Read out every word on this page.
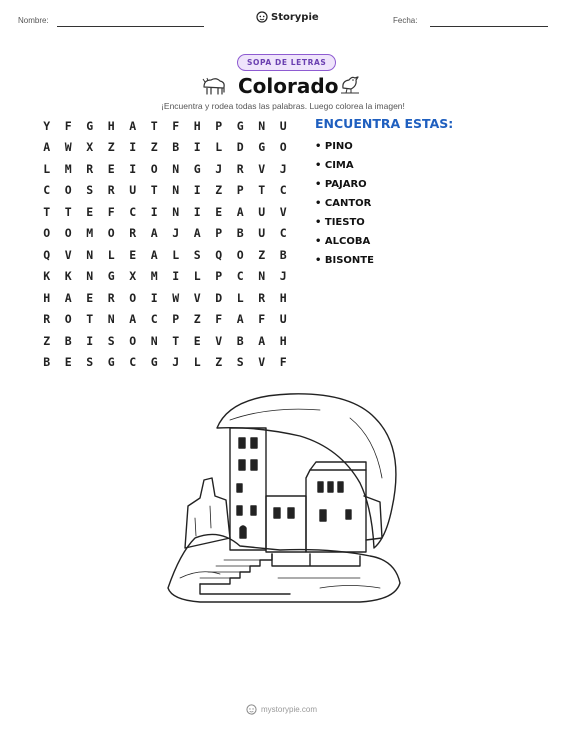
Nombre:	Storypie	Fecha:
SOPA DE LETRAS
Colorado
¡Encuentra y rodea todas las palabras. Luego colorea la imagen!
Y	F	G	H	A	T	F	H	P	G	N	U
A	W	X	Z	I	Z	B	I	L	D	G	O
L	M	R	E	I	O	N	G	J	R	V	J
C	O	S	R	U	T	N	I	Z	P	T	C
T	T	E	F	C	I	N	I	E	A	U	V
O	O	M	O	R	A	J	A	P	B	U	C
Q	V	N	L	E	A	L	S	Q	O	Z	B
K	K	N	G	X	M	I	L	P	C	N	J
H	A	E	R	O	I	W	V	D	L	R	H
R	O	T	N	A	C	P	Z	F	A	F	U
Z	B	I	S	O	N	T	E	V	B	A	H
B	E	S	G	C	G	J	L	Z	S	V	F
ENCUENTRA ESTAS:
• PINO
• CIMA
• PAJARO
• CANTOR
• TIESTO
• ALCOBA
• BISONTE
mystorypie.com
